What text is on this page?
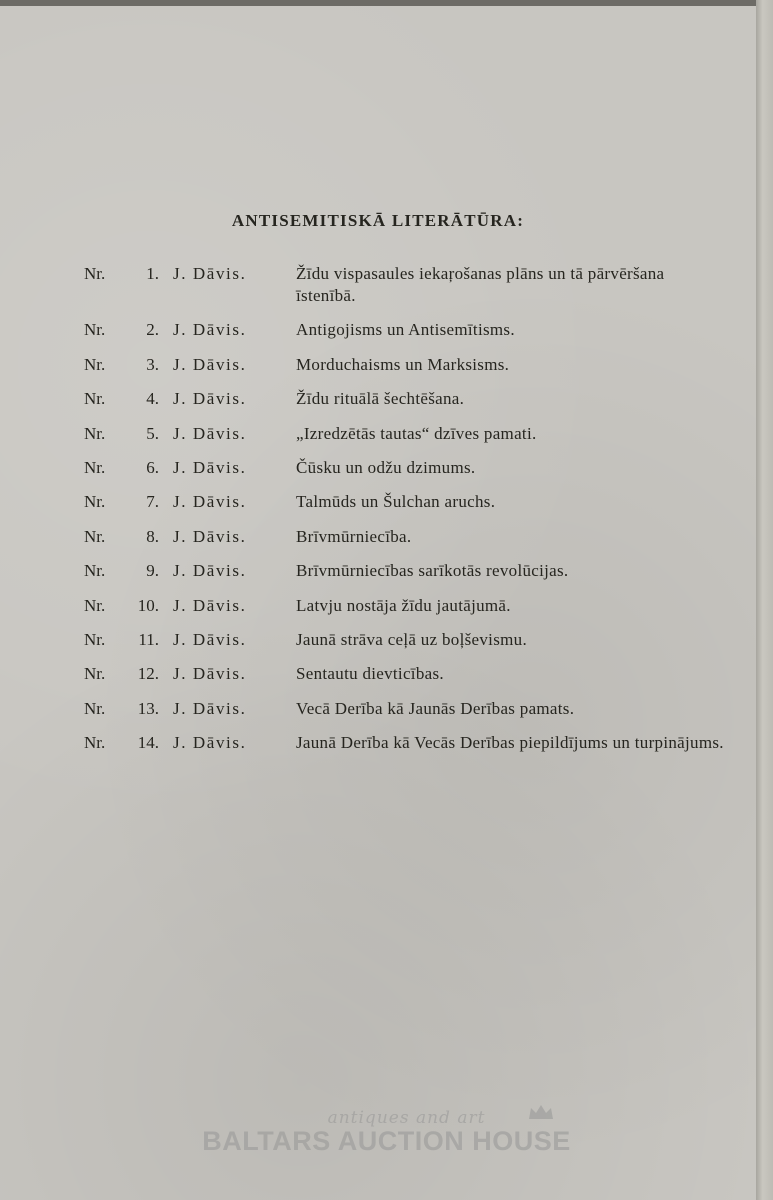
ANTISEMITISKĀ LITERĀTŪRA:
Nr.	1. J. Dāvis.	Žīdu vispasaules iekaŗošanas plāns un tā pārvēršana īstenībā.
Nr.	2. J. Dāvis.	Antigojisms un Antisemītisms.
Nr.	3. J. Dāvis.	Morduchaisms un Marksisms.
Nr.	4. J. Dāvis.	Žīdu rituālā šechtēšana.
Nr.	5. J. Dāvis.	„Izredzētās tautas“ dzīves pamati.
Nr.	6. J. Dāvis.	Čūsku un odžu dzimums.
Nr.	7. J. Dāvis.	Talmūds un Šulchan aruchs.
Nr.	8. J. Dāvis.	Brīvmūrniecība.
Nr.	9. J. Dāvis.	Brīvmūrniecības sarīkotās revolūcijas.
Nr.	10. J. Dāvis.	Latvju nostāja žīdu jautājumā.
Nr.	11. J. Dāvis.	Jaunā strāva ceļā uz boļševismu.
Nr.	12. J. Dāvis.	Sentautu dievticības.
Nr.	13. J. Dāvis.	Vecā Derība kā Jaunās Derības pamats.
Nr.	14. J. Dāvis.	Jaunā Derība kā Vecās Derības piepildījums un turpinājums.
antiques and art
BALTARS AUCTION HOUSE
